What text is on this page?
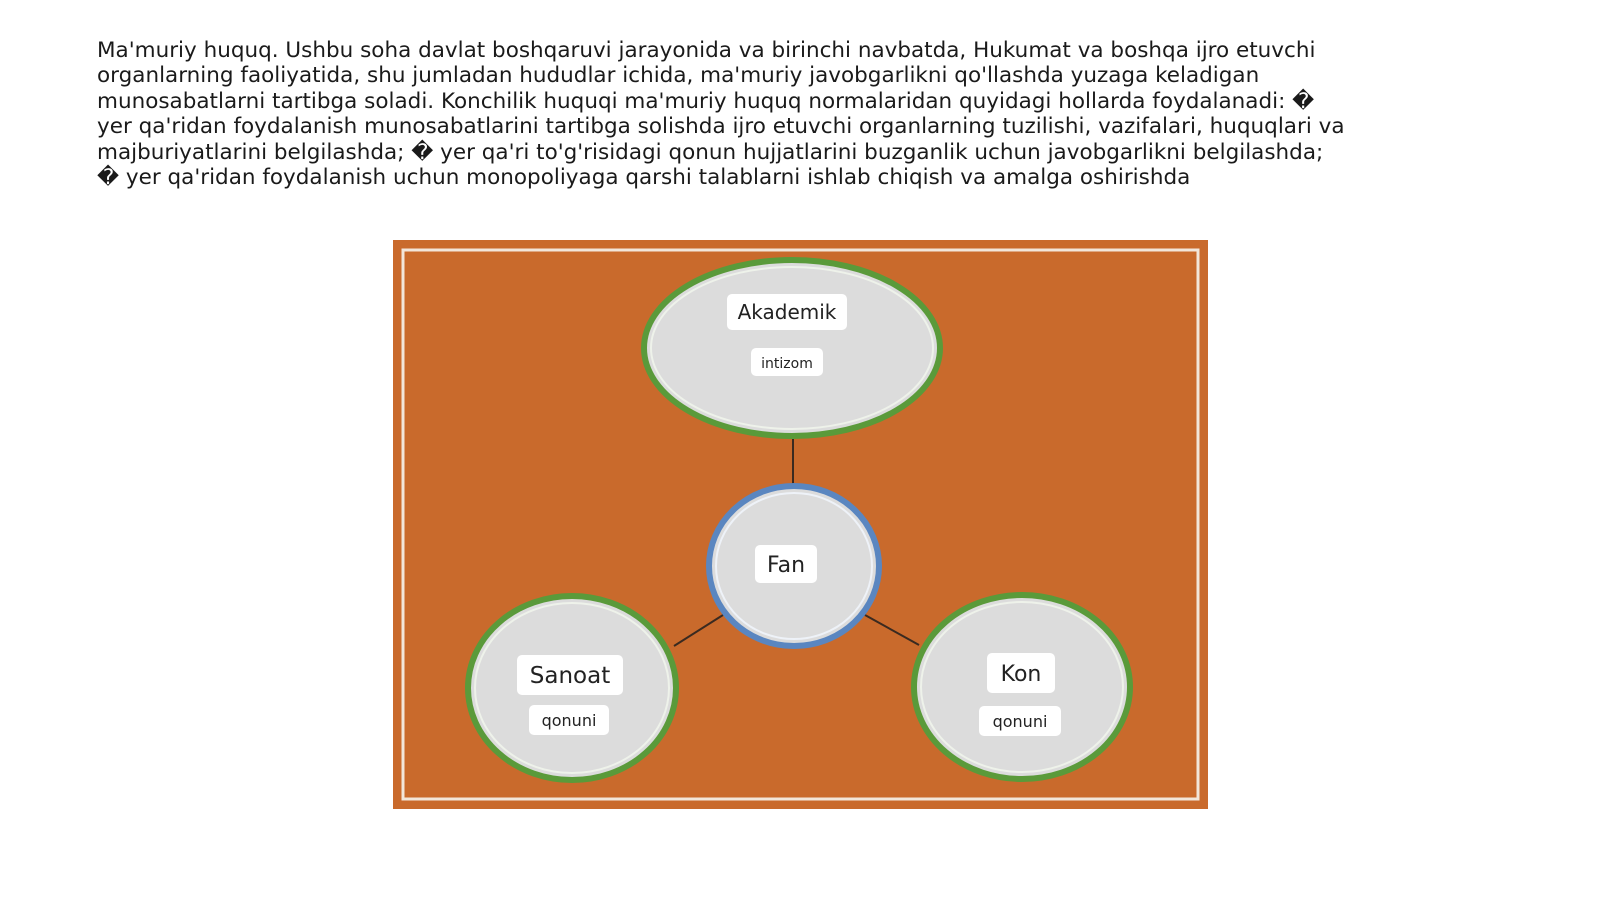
Ma'muriy huquq. Ushbu soha davlat boshqaruvi jarayonida va birinchi navbatda, Hukumat va boshqa ijro etuvchi organlarning faoliyatida, shu jumladan hududlar ichida, ma'muriy javobgarlikni qo'llashda yuzaga keladigan munosabatlarni tartibga soladi. Konchilik huquqi ma'muriy huquq normalaridan quyidagi hollarda foydalanadi: � yer qa'ridan foydalanish munosabatlarini tartibga solishda ijro etuvchi organlarning tuzilishi, vazifalari, huquqlari va majburiyatlarini belgilashda; � yer qa'ri to'g'risidagi qonun hujjatlarini buzganlik uchun javobgarlikni belgilashda; � yer qa'ridan foydalanish uchun monopoliyaga qarshi talablarni ishlab chiqish va amalga oshirishda

Akademik
intizom
Fan
Sanoat
qonuni
Kon
qonuni
